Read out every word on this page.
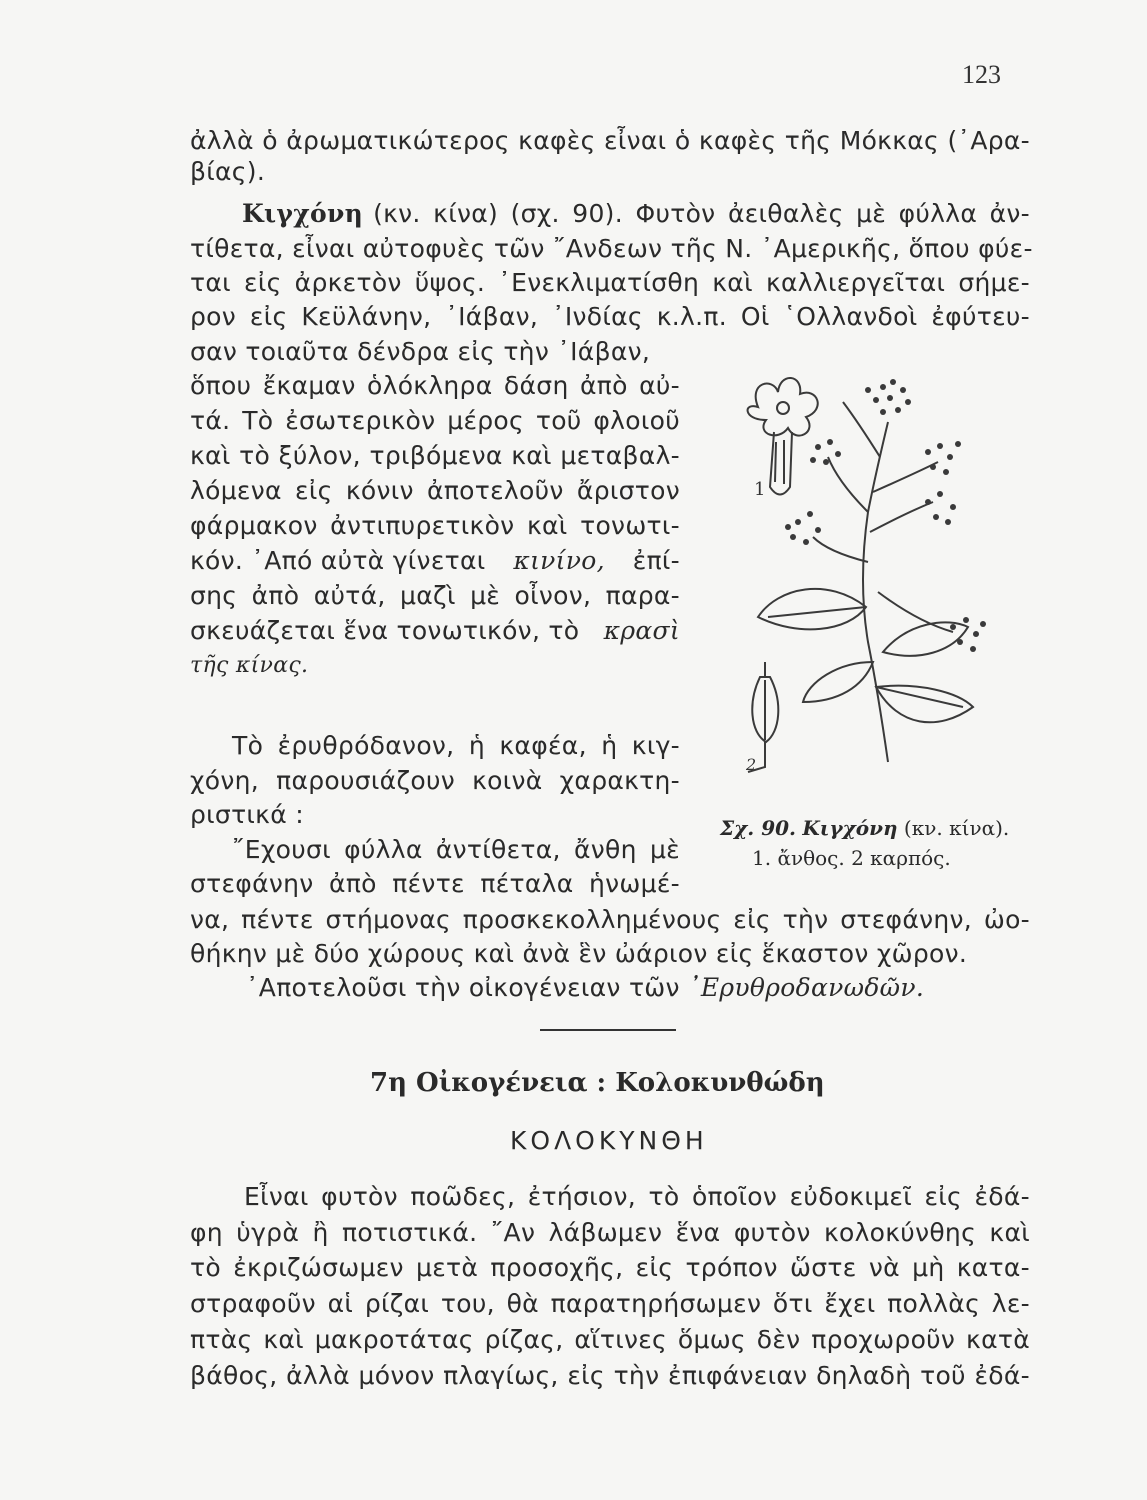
123
ἀλλὰ ὁ ἀρωματικώτερος καφὲς εἶναι ὁ καφὲς τῆς Μόκκας (᾿Αρα-
βίας).
Κιγχόνη (κν. κίνα) (σχ. 90). Φυτὸν ἀειθαλὲς μὲ φύλλα ἀν-
τίθετα, εἶναι αὐτοφυὲς τῶν ῎Ανδεων τῆς Ν. ᾿Αμερικῆς, ὅπου φύε-
ται εἰς ἀρκετὸν ὕψος. ᾿Ενεκλιματίσθη καὶ καλλιεργεῖται σήμε-
ρον εἰς Κεϋλάνην, ᾿Ιάβαν, ᾿Ινδίας κ.λ.π. Οἱ ῾Ολλανδοὶ ἐφύτευ-
σαν τοιαῦτα δένδρα εἰς τὴν ᾿Ιάβαν,
ὅπου ἔκαμαν ὁλόκληρα δάση ἀπὸ αὐ-
τά. Τὸ ἐσωτερικὸν μέρος τοῦ φλοιοῦ
καὶ τὸ ξύλον, τριβόμενα καὶ μεταβαλ-
λόμενα εἰς κόνιν ἀποτελοῦν ἄριστον
φάρμακον ἀντιπυρετικὸν καὶ τονωτι-
κόν. ᾿Από αὐτὰ γίνεται κινίνο, ἐπί-
σης ἀπὸ αὐτά, μαζὶ μὲ οἶνον, παρα-
σκευάζεται ἕνα τονωτικόν, τὸ κρασὶ
τῆς κίνας.
1
2
Σχ. 90. Κιγχόνη (κν. κίνα).
1. ἄνθος. 2 καρπός.
Τὸ ἐρυθρόδανον, ἡ καφέα, ἡ κιγ-
χόνη, παρουσιάζουν κοινὰ χαρακτη-
ριστικά :
῎Εχουσι φύλλα ἀντίθετα, ἄνθη μὲ
στεφάνην ἀπὸ πέντε πέταλα ἡνωμέ-
να, πέντε στήμονας προσκεκολλημένους εἰς τὴν στεφάνην, ὠο-
θήκην μὲ δύο χώρους καὶ ἀνὰ ἓν ὠάριον εἰς ἕκαστον χῶρον.
᾿Αποτελοῦσι τὴν οἰκογένειαν τῶν ᾿Ερυθροδανωδῶν.
7η Οἰκογένεια : Κολοκυνθώδη
ΚΟΛΟΚΥΝΘΗ
Εἶναι φυτὸν ποῶδες, ἐτήσιον, τὸ ὁποῖον εὐδοκιμεῖ εἰς ἐδά-
φη ὑγρὰ ἢ ποτιστικά. ῎Αν λάβωμεν ἕνα φυτὸν κολοκύνθης καὶ
τὸ ἐκριζώσωμεν μετὰ προσοχῆς, εἰς τρόπον ὥστε νὰ μὴ κατα-
στραφοῦν αἱ ρίζαι του, θὰ παρατηρήσωμεν ὅτι ἔχει πολλὰς λε-
πτὰς καὶ μακροτάτας ρίζας, αἵτινες ὅμως δὲν προχωροῦν κατὰ
βάθος, ἀλλὰ μόνον πλαγίως, εἰς τὴν ἐπιφάνειαν δηλαδὴ τοῦ ἐδά-
